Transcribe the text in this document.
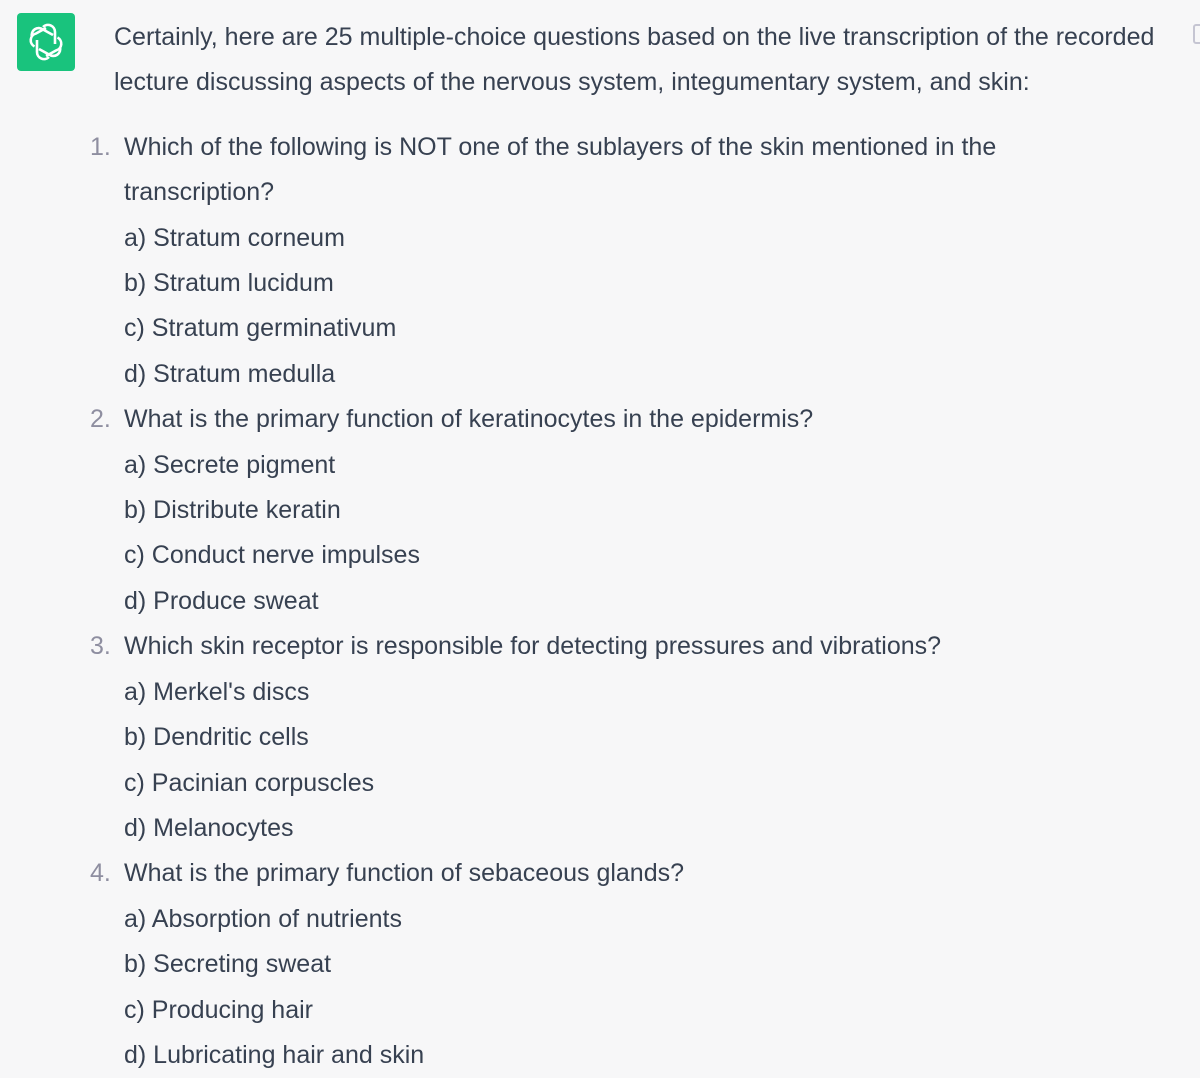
Certainly, here are 25 multiple-choice questions based on the live transcription of the recorded lecture discussing aspects of the nervous system, integumentary system, and skin:

1. Which of the following is NOT one of the sublayers of the skin mentioned in the transcription?
a) Stratum corneum
b) Stratum lucidum
c) Stratum germinativum
d) Stratum medulla
2. What is the primary function of keratinocytes in the epidermis?
a) Secrete pigment
b) Distribute keratin
c) Conduct nerve impulses
d) Produce sweat
3. Which skin receptor is responsible for detecting pressures and vibrations?
a) Merkel's discs
b) Dendritic cells
c) Pacinian corpuscles
d) Melanocytes
4. What is the primary function of sebaceous glands?
a) Absorption of nutrients
b) Secreting sweat
c) Producing hair
d) Lubricating hair and skin
